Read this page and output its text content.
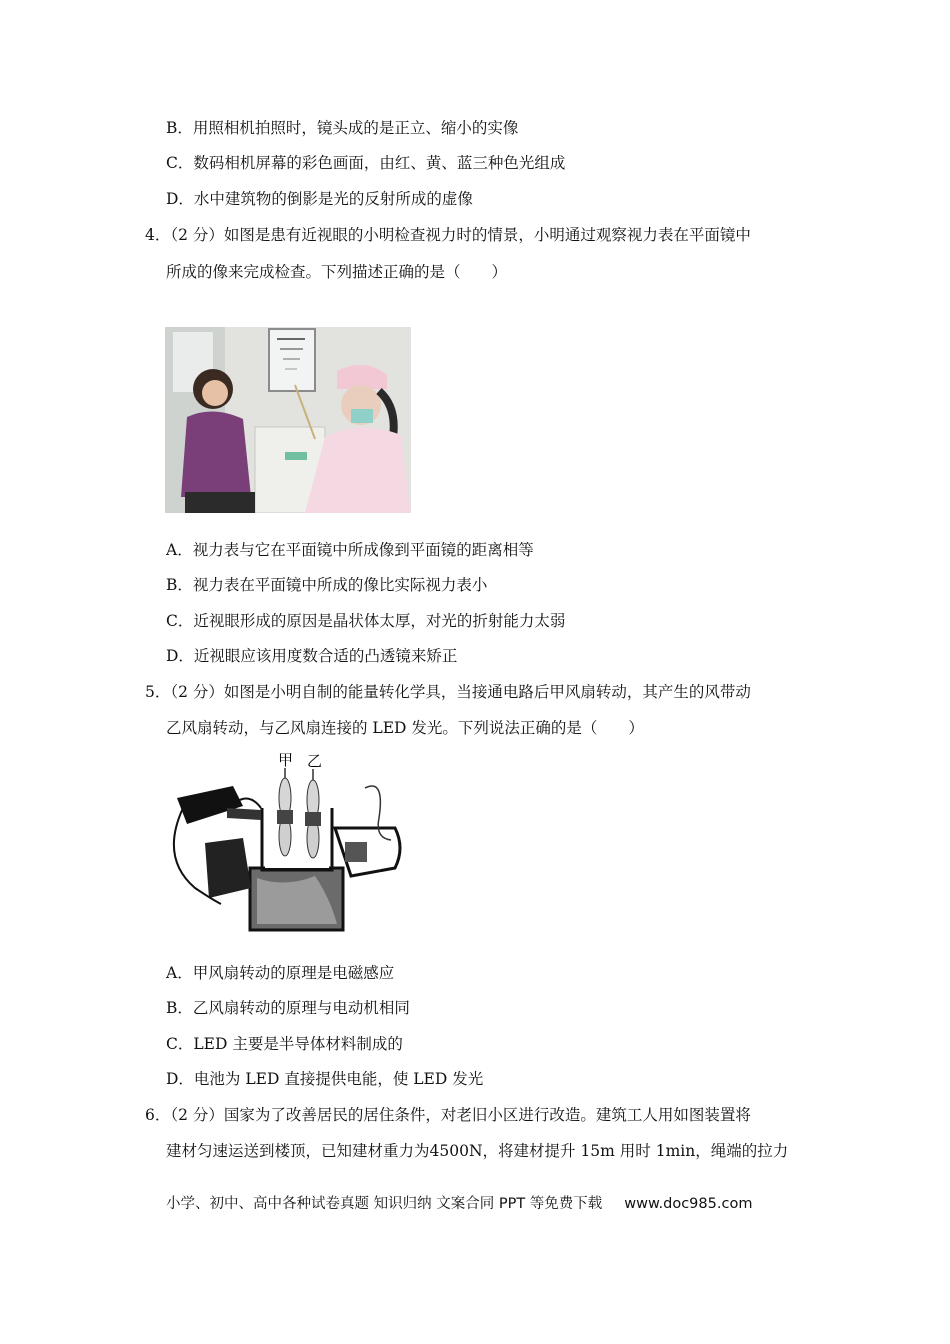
B．用照相机拍照时，镜头成的是正立、缩小的实像
C．数码相机屏幕的彩色画面，由红、黄、蓝三种色光组成
D．水中建筑物的倒影是光的反射所成的虚像
4．（2 分）如图是患有近视眼的小明检查视力时的情景，小明通过观察视力表在平面镜中
所成的像来完成检查。下列描述正确的是（　　）
A．视力表与它在平面镜中所成像到平面镜的距离相等
B．视力表在平面镜中所成的像比实际视力表小
C．近视眼形成的原因是晶状体太厚，对光的折射能力太弱
D．近视眼应该用度数合适的凸透镜来矫正
5．（2 分）如图是小明自制的能量转化学具，当接通电路后甲风扇转动，其产生的风带动
乙风扇转动，与乙风扇连接的 LED 发光。下列说法正确的是（　　）
甲 乙
A．甲风扇转动的原理是电磁感应
B．乙风扇转动的原理与电动机相同
C．LED 主要是半导体材料制成的
D．电池为 LED 直接提供电能，使 LED 发光
6．（2 分）国家为了改善居民的居住条件，对老旧小区进行改造。建筑工人用如图装置将
建材匀速运送到楼顶，已知建材重力为4500N，将建材提升 15m 用时 1min，绳端的拉力
小学、初中、高中各种试卷真题 知识归纳 文案合同 PPT 等免费下载 www.doc985.com
